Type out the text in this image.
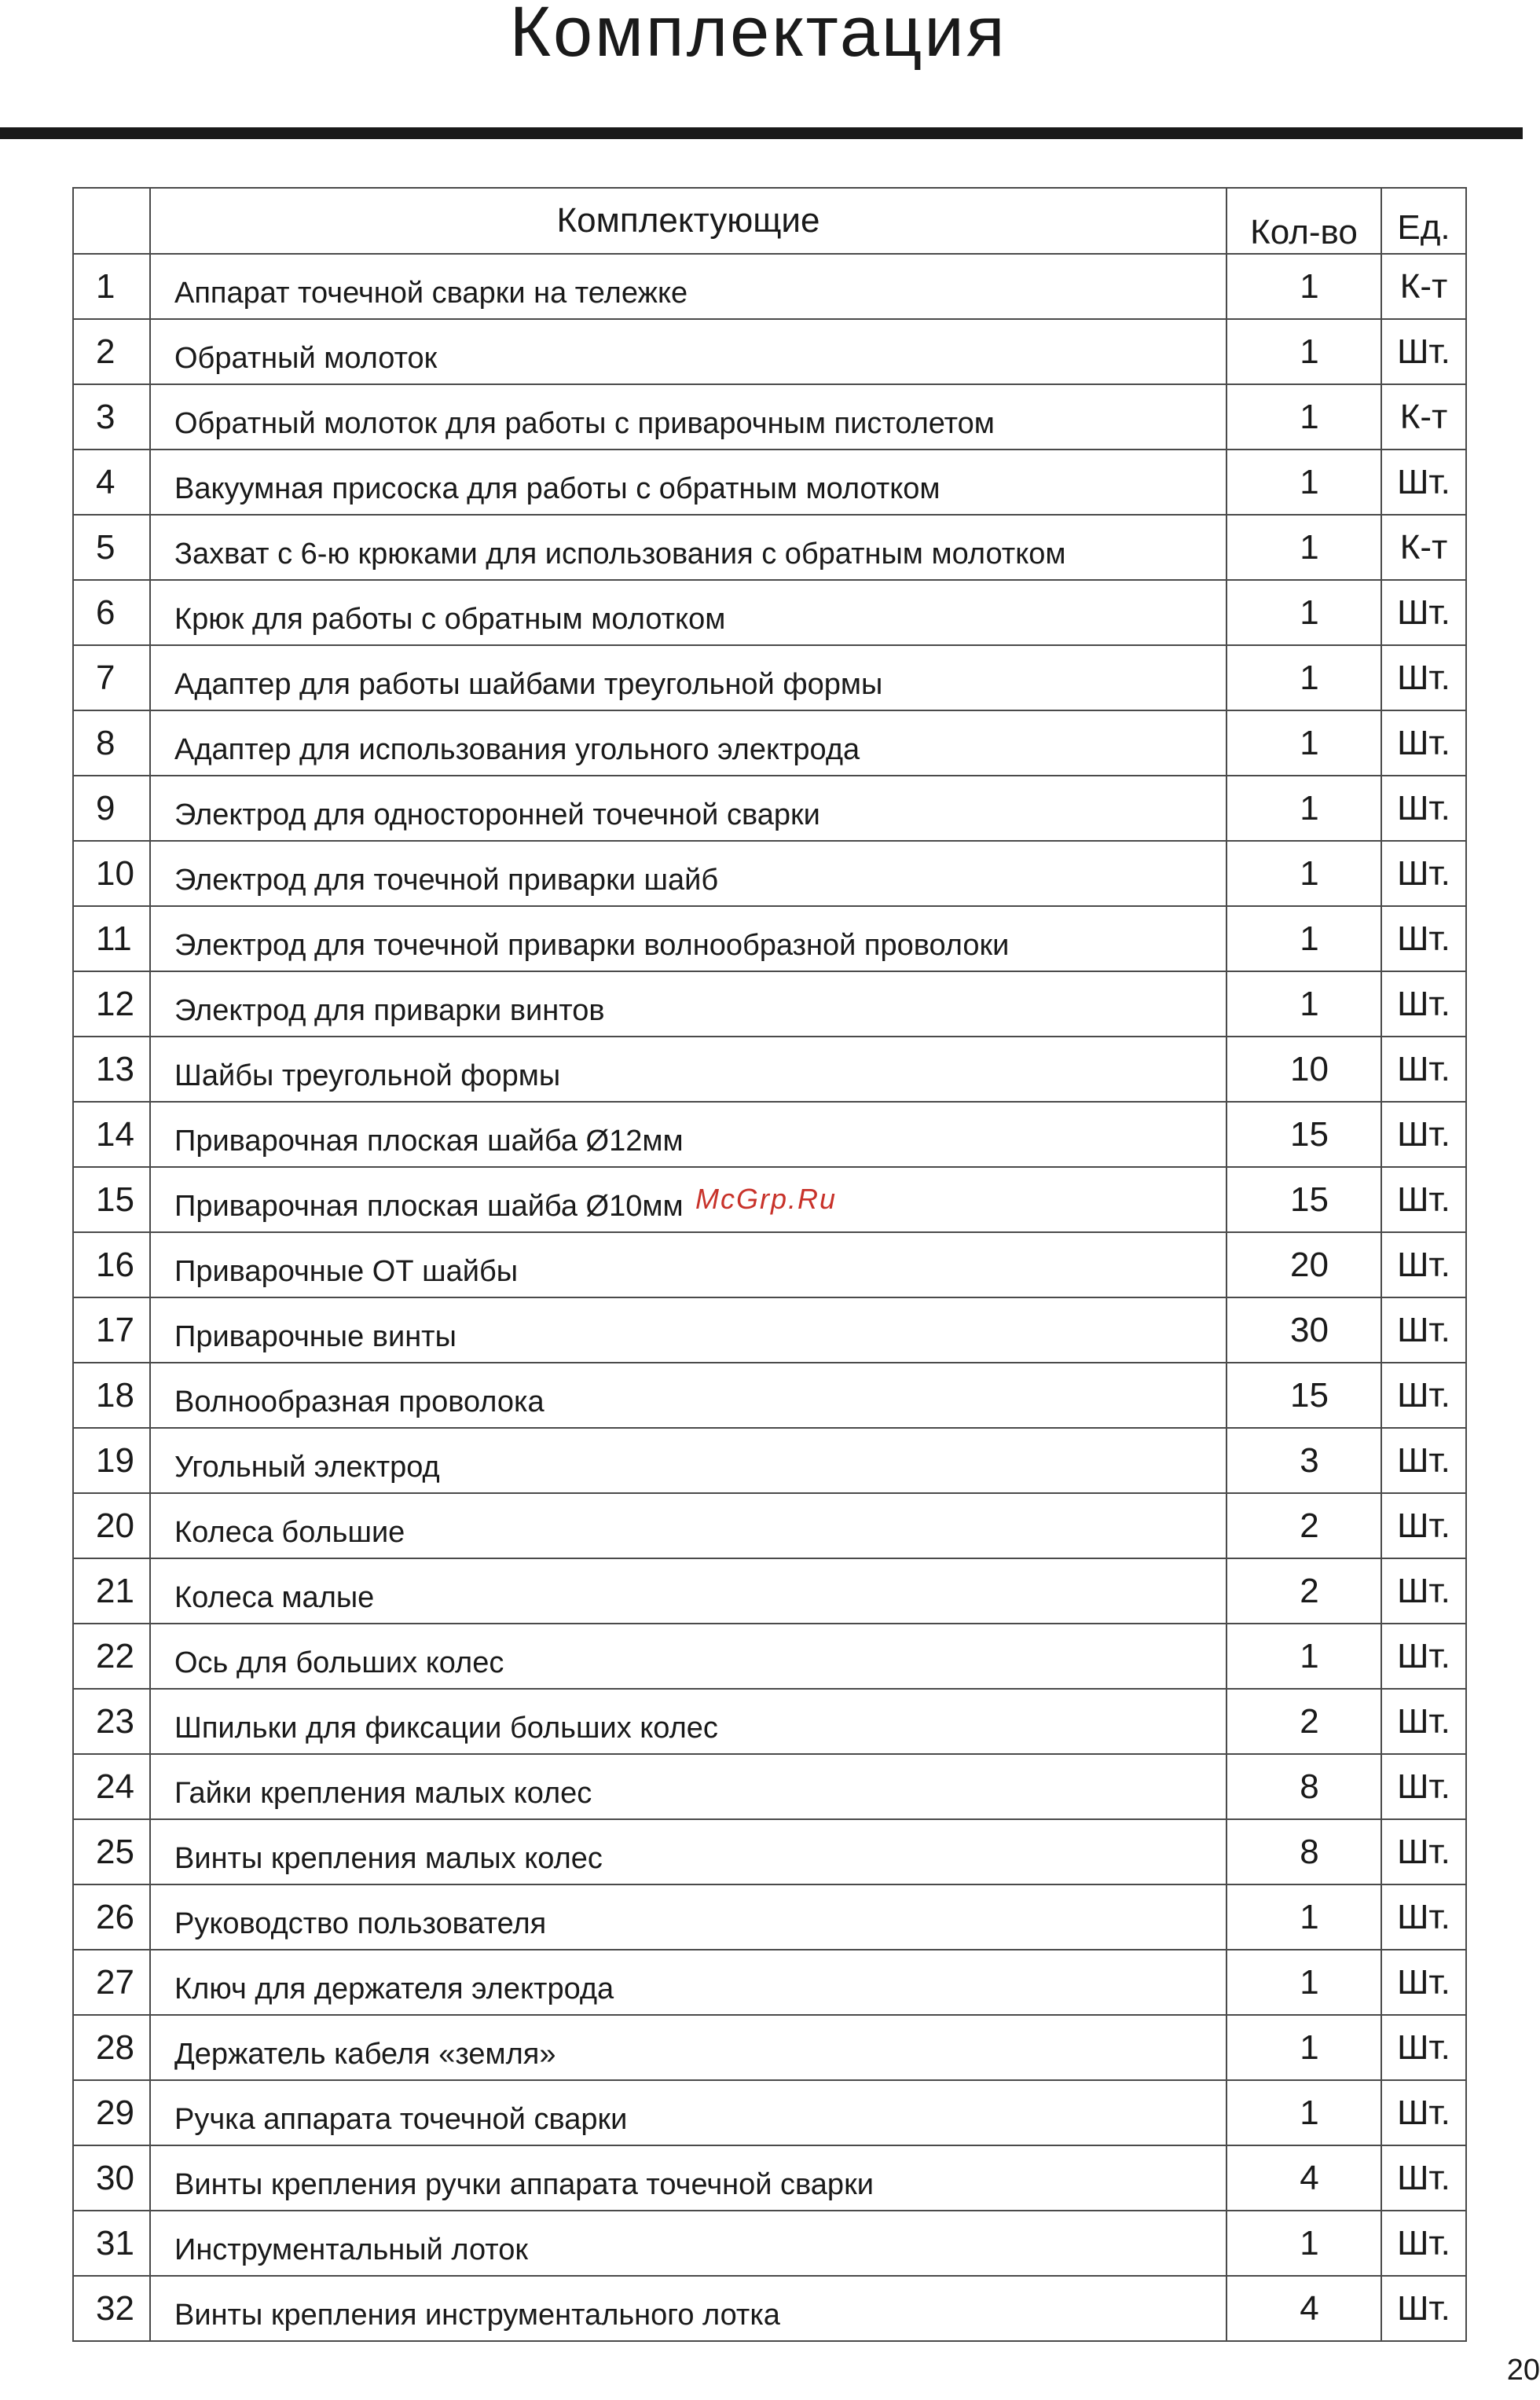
Комплектация
	Комплектующие	Кол-во	Ед.
1	Аппарат точечной сварки на тележке	1	К-т
2	Обратный молоток	1	Шт.
3	Обратный молоток для работы с приварочным пистолетом	1	К-т
4	Вакуумная присоска для работы с обратным молотком	1	Шт.
5	Захват с 6-ю крюками для использования с обратным молотком	1	К-т
6	Крюк для работы с обратным молотком	1	Шт.
7	Адаптер для работы шайбами треугольной формы	1	Шт.
8	Адаптер для использования угольного электрода	1	Шт.
9	Электрод для односторонней точечной сварки	1	Шт.
10	Электрод для точечной приварки шайб	1	Шт.
11	Электрод для точечной приварки волнообразной проволоки	1	Шт.
12	Электрод для приварки винтов	1	Шт.
13	Шайбы треугольной формы	10	Шт.
14	Приварочная плоская шайба Ø12мм	15	Шт.
15	Приварочная плоская шайба Ø10мм	15	Шт.
16	Приварочные ОТ шайбы	20	Шт.
17	Приварочные винты	30	Шт.
18	Волнообразная проволока	15	Шт.
19	Угольный электрод	3	Шт.
20	Колеса большие	2	Шт.
21	Колеса малые	2	Шт.
22	Ось для больших колес	1	Шт.
23	Шпильки для фиксации больших колес	2	Шт.
24	Гайки крепления малых колес	8	Шт.
25	Винты крепления малых колес	8	Шт.
26	Руководство пользователя	1	Шт.
27	Ключ для держателя электрода	1	Шт.
28	Держатель кабеля «земля»	1	Шт.
29	Ручка аппарата точечной сварки	1	Шт.
30	Винты крепления ручки аппарата точечной сварки	4	Шт.
31	Инструментальный лоток	1	Шт.
32	Винты крепления инструментального лотка	4	Шт.
McGrp.Ru
20
